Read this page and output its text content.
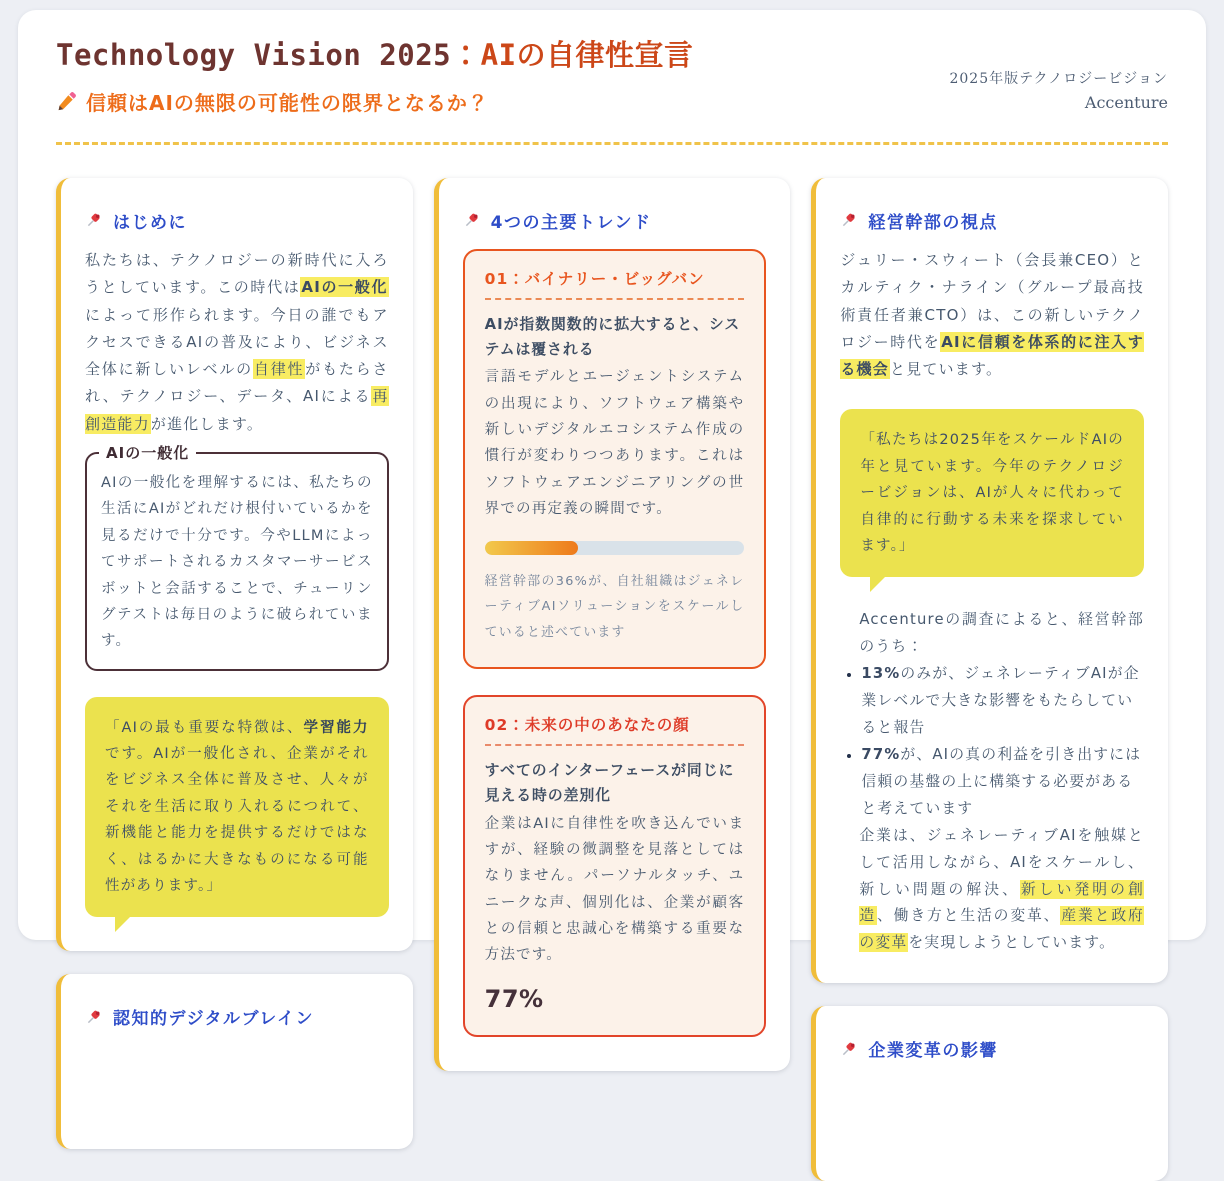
Technology Vision 2025：AIの自律性宣言
信頼はAIの無限の可能性の限界となるか？
2025年版テクノロジービジョン
Accenture
はじめに

私たちは、テクノロジーの新時代に入ろうとしています。この時代はAIの一般化によって形作られます。今日の誰でもアクセスできるAIの普及により、ビジネス全体に新しいレベルの自律性がもたらされ、テクノロジー、データ、AIによる再創造能力が進化します。

AIの一般化

AIの一般化を理解するには、私たちの生活にAIがどれだけ根付いているかを見るだけで十分です。今やLLMによってサポートされるカスタマーサービスボットと会話することで、チューリングテストは毎日のように破られています。

「AIの最も重要な特徴は、学習能力です。AIが一般化され、企業がそれをビジネス全体に普及させ、人々がそれを生活に取り入れるにつれて、新機能と能力を提供するだけではなく、はるかに大きなものになる可能性があります。」

認知的デジタルブレイン
4つの主要トレンド
01：バイナリー・ビッグバン

AIが指数関数的に拡大すると、システムは覆される

言語モデルとエージェントシステムの出現により、ソフトウェア構築や新しいデジタルエコシステム作成の慣行が変わりつつあります。これはソフトウェアエンジニアリングの世界での再定義の瞬間です。

経営幹部の36%が、自社組織はジェネレーティブAIソリューションをスケールしていると述べています

02：未来の中のあなたの顔

すべてのインターフェースが同じに見える時の差別化

企業はAIに自律性を吹き込んでいますが、経験の微調整を見落としてはなりません。パーソナルタッチ、ユニークな声、個別化は、企業が顧客との信頼と忠誠心を構築する重要な方法です。

77%
経営幹部の視点

ジュリー・スウィート（会長兼CEO）とカルティク・ナライン（グループ最高技術責任者兼CTO）は、この新しいテクノロジー時代をAIに信頼を体系的に注入する機会と見ています。

「私たちは2025年をスケールドAIの年と見ています。今年のテクノロジービジョンは、AIが人々に代わって自律的に行動する未来を探求しています。」

Accentureの調査によると、経営幹部のうち：

• 13%のみが、ジェネレーティブAIが企業レベルで大きな影響をもたらしていると報告
• 77%が、AIの真の利益を引き出すには信頼の基盤の上に構築する必要があると考えています

企業は、ジェネレーティブAIを触媒として活用しながら、AIをスケールし、新しい問題の解決、新しい発明の創造、働き方と生活の変革、産業と政府の変革を実現しようとしています。

企業変革の影響
